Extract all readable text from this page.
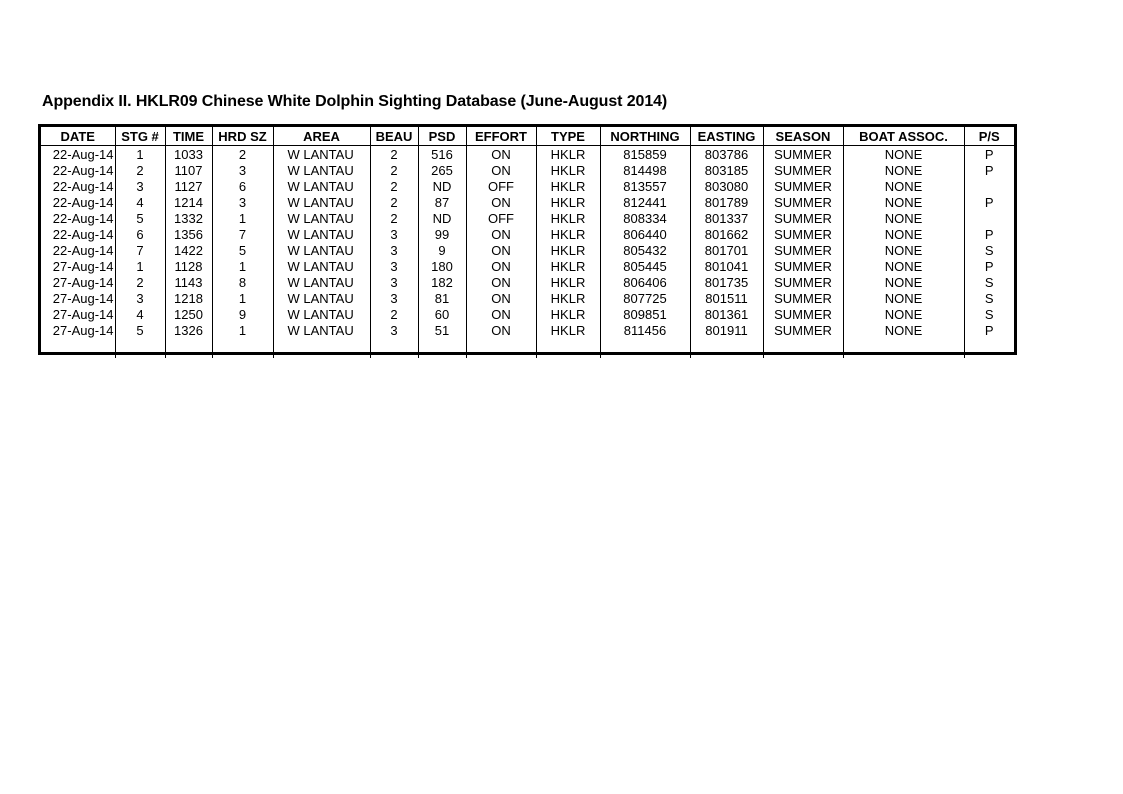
Appendix II. HKLR09 Chinese White Dolphin Sighting Database (June-August 2014)
DATE	STG #	TIME	HRD SZ	AREA	BEAU	PSD	EFFORT	TYPE	NORTHING	EASTING	SEASON	BOAT ASSOC.	P/S
22-Aug-14	1	1033	2	W LANTAU	2	516	ON	HKLR	815859	803786	SUMMER	NONE	P
22-Aug-14	2	1107	3	W LANTAU	2	265	ON	HKLR	814498	803185	SUMMER	NONE	P
22-Aug-14	3	1127	6	W LANTAU	2	ND	OFF	HKLR	813557	803080	SUMMER	NONE	
22-Aug-14	4	1214	3	W LANTAU	2	87	ON	HKLR	812441	801789	SUMMER	NONE	P
22-Aug-14	5	1332	1	W LANTAU	2	ND	OFF	HKLR	808334	801337	SUMMER	NONE	
22-Aug-14	6	1356	7	W LANTAU	3	99	ON	HKLR	806440	801662	SUMMER	NONE	P
22-Aug-14	7	1422	5	W LANTAU	3	9	ON	HKLR	805432	801701	SUMMER	NONE	S
27-Aug-14	1	1128	1	W LANTAU	3	180	ON	HKLR	805445	801041	SUMMER	NONE	P
27-Aug-14	2	1143	8	W LANTAU	3	182	ON	HKLR	806406	801735	SUMMER	NONE	S
27-Aug-14	3	1218	1	W LANTAU	3	81	ON	HKLR	807725	801511	SUMMER	NONE	S
27-Aug-14	4	1250	9	W LANTAU	2	60	ON	HKLR	809851	801361	SUMMER	NONE	S
27-Aug-14	5	1326	1	W LANTAU	3	51	ON	HKLR	811456	801911	SUMMER	NONE	P
